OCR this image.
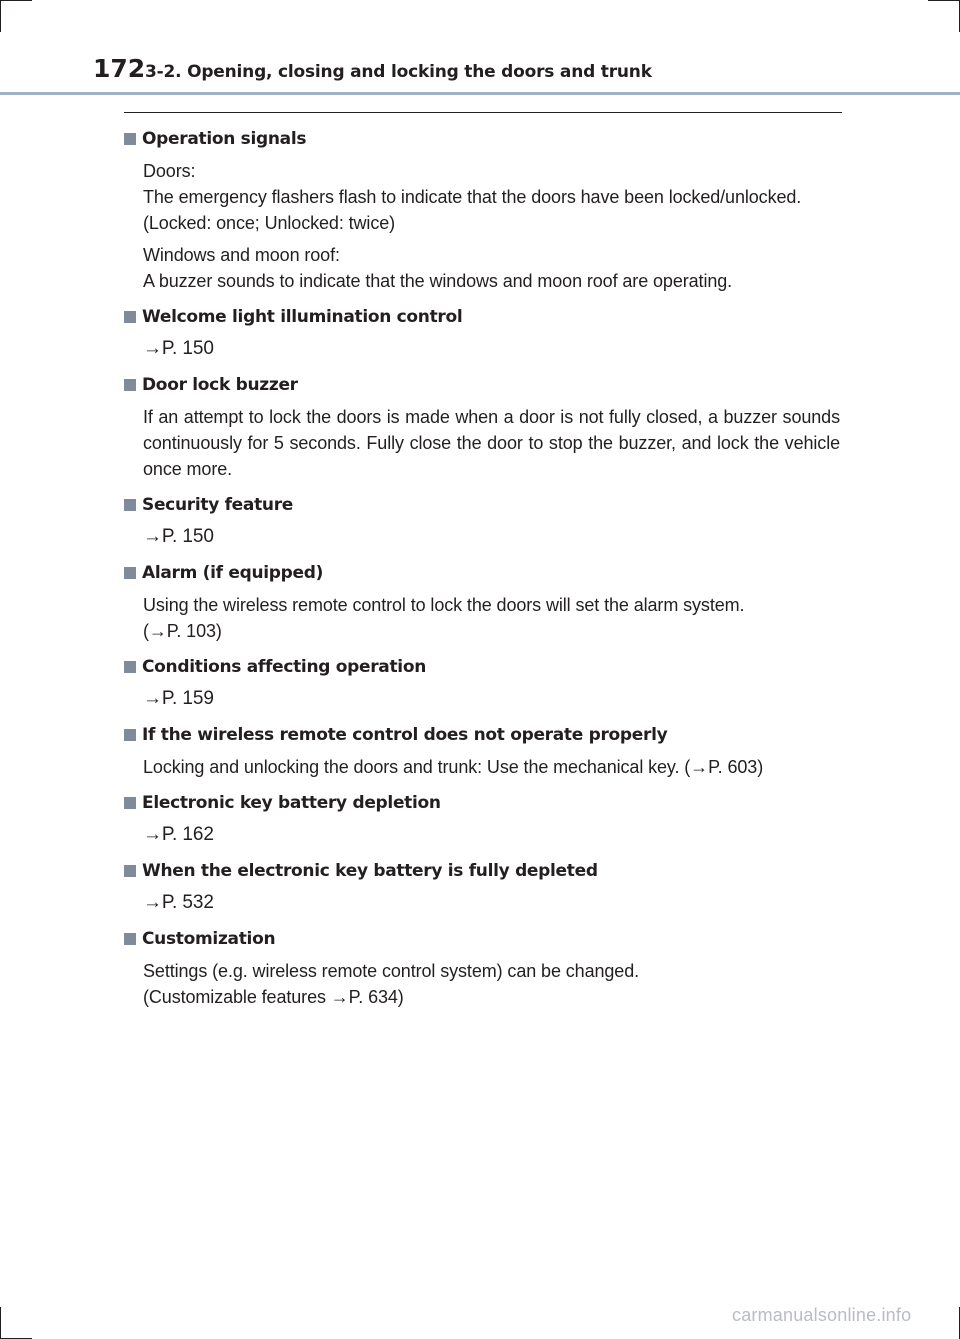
172 3-2. Opening, closing and locking the doors and trunk
Operation signals

Doors:
The emergency flashers flash to indicate that the doors have been locked/unlocked.
(Locked: once; Unlocked: twice)

Windows and moon roof:
A buzzer sounds to indicate that the windows and moon roof are operating.

Welcome light illumination control
→P. 150
Door lock buzzer

If an attempt to lock the doors is made when a door is not fully closed, a buzzer sounds continuously for 5 seconds. Fully close the door to stop the buzzer, and lock the vehicle once more.

Security feature
→P. 150
Alarm (if equipped)

Using the wireless remote control to lock the doors will set the alarm system.
(→P. 103)

Conditions affecting operation
→P. 159
If the wireless remote control does not operate properly

Locking and unlocking the doors and trunk: Use the mechanical key. (→P. 603)

Electronic key battery depletion
→P. 162
When the electronic key battery is fully depleted
→P. 532
Customization

Settings (e.g. wireless remote control system) can be changed.
(Customizable features →P. 634)

carmanualsonline.info
